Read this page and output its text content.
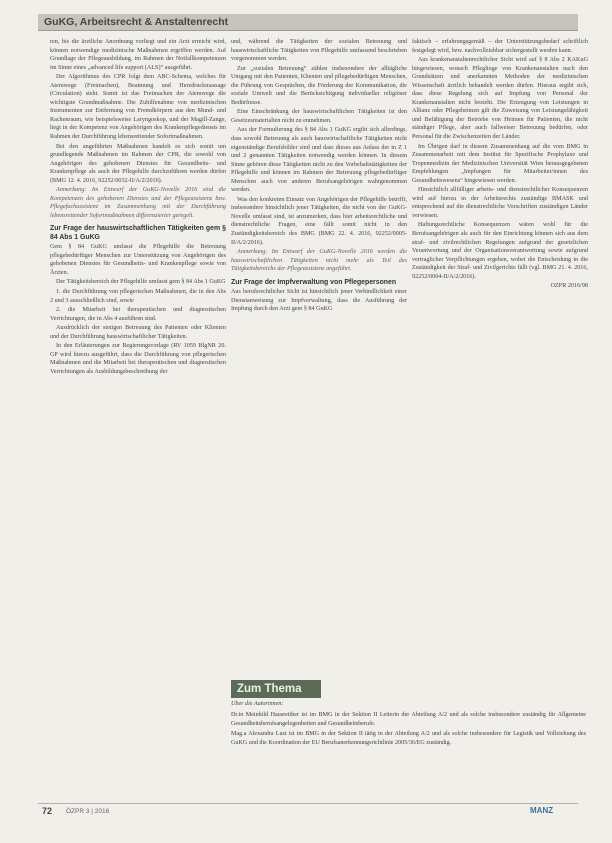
GuKG, Arbeitsrecht & Anstaltenrecht

ren, bis die ärztliche Anordnung vorliegt und ein Arzt erreicht wird, können notwendige medizinische Maßnahmen ergriffen werden. Auf Grundlage der Pflegeausbildung, im Rahmen der Notfallkompetenzen im Sinne eines „advanced life support (ALS)“ ausgeführt.

Der Algorithmus des CPR folgt dem ABC-Schema, welches für Atemwege (Freimachen), Beatmung und Herzdruckmassage (Circulation) steht. Somit ist das Freimachen der Atemwege die wichtigste Grundmaßnahme. Die Zuhilfenahme von medizinischen Instrumenten zur Entfernung von Fremdkörpern aus den Mund- und Rachenraum, wie beispielsweise Laryngoskop, und der Magill-Zange, liegt in der Kompetenz von Angehörigen des Krankenpflegediensts im Rahmen der Durchführung lebensrettender Sofortmaßnahmen.

Bei den angeführten Maßnahmen handelt es sich somit um grundlegende Maßnahmen im Rahmen der CPR, die sowohl von Angehörigen des gehobenen Dienstes für Gesundheits- und Krankenpflege als auch der Pflegehilfe durchzuführen werden dürfen (BMG 12. 4. 2016, 92252/0032-II/A/2/2016).

Anmerkung: Im Entwurf der GuKG-Novelle 2016 sind die Kompetenzen des gehobenen Dienstes und der Pflegeassistenz bzw. Pflegefachassistenz im Zusammenhang mit der Durchführung lebensrettender Sofortmaßnahmen differenzierter geregelt.

Zur Frage der hauswirtschaftlichen Tätigkeiten gem § 84 Abs 1 GuKG

Gem § 84 GuKG umfasst die Pflegehilfe die Betreuung pflegebedürftiger Menschen zur Unterstützung von Angehörigen des gehobenen Dienstes für Gesundheits- und Krankenpflege sowie von Ärzten.

Der Tätigkeitsbereich der Pflegehilfe umfasst gem § 84 Abs 1 GuKG

1. die Durchführung von pflegerischen Maßnahmen, die in den Abs 2 und 3 ausschließlich sind, sowie

2. die Mitarbeit bei therapeutischen und diagnostischen Verrichtungen, die in Abs 4 ausführen sind.

Ausdrücklich der stetigen Betreuung des Patienten oder Klienten und der Durchführung hauswirtschaftlicher Tätigkeiten.

In den Erläuterungen zur Regierungsvorlage (RV 1059 BlgNR 20. GP wird hierzu ausgeführt, dass die Durchführung von pflegerischen Maßnahmen und die Mitarbeit bei therapeutischen und diagnostischen Verrichtungen als Ausbildungsbeschreibung der

und, während die Tätigkeiten der sozialen Betreuung und hauswirtschaftliche Tätigkeiten von Pflegehilfe umfassend beschrieben vorgenommen werden.

Zur „sozialen Betreuung“ zählen insbesondere der alltägliche Umgang mit den Patienten, Klienten und pflegebedürftigen Menschen, die Führung von Gesprächen, die Förderung der Kommunikation, die soziale Umwelt und die Berücksichtigung individueller religiöser Bedürfnisse.

Eine Einschränkung der hauswirtschaftlichen Tätigkeiten ist den Gesetzesmaterialien nicht zu entnehmen.

Aus der Formulierung des § 84 Abs 1 GuKG ergibt sich allerdings, dass sowohl Betreuung als auch hauswirtschaftliche Tätigkeiten nicht eigenständige Berufsbilder sind und dass dieses aus Anlass der in Z 1 und 2 genannten Tätigkeiten notwendig werden können. In diesem Sinne gehören diese Tätigkeiten nicht zu den Vorbehaltstätigkeiten der Pflegehilfe und können im Rahmen der Betreuung pflegebedürftiger Menschen auch von anderen Berufsangehörigen wahrgenommen werden.

Was den konkreten Einsatz von Angehörigen der Pflegehilfe betrifft, insbesondere hinsichtlich jener Tätigkeiten, die nicht von der GuKG-Novelle umfasst sind, ist anzumerken, dass hier arbeitsrechtliche und dienstrechtliche Fragen, eine fällt somit nicht in den Zuständigkeitsbereich des BMG (BMG 22. 4. 2016, 92252/0005-II/A/2/2016).

Anmerkung: Im Entwurf der GuKG-Novelle 2016 werden die hauswirtschaftlichen Tätigkeiten nicht mehr als Teil des Tätigkeitsbereichs der Pflegeassistenz angeführt.

Zur Frage der Impfverwaltung von Pflegepersonen

Aus berufsrechtlicher Sicht ist hinsichtlich jener Verbindlichkeit einer Dienstanweisung zur Impfverwaltung, dass die Ausführung der Impfung durch den Arzt gem § 84 GuKG

faktisch – erfahrungsgemäß – der Unterstützungsbedarf schriftlich festgelegt wird, bzw. nachvollziehbar sichergestellt werden kann.

Aus krankenanstaltenrechtlicher Sicht wird auf § 8 Abs 2 KAKuG hingewiesen, wonach Pfleglinge von Krankenanstalten nach den Grundsätzen und anerkannten Methoden der medizinischen Wissenschaft ärztlich behandelt werden dürfen. Hieraus ergibt sich, dass diese Regelung sich auf Impfung von Personal der Krankenanstalten nicht bezieht. Die Erzeugung von Leistungen in Allianz oder Pflegeheimen gilt die Zuweisung von Leistungsfähigkeit und Befähigung der Betriebe von Heimen für Patienten, die nicht ständiger Pflege, aber auch fallweiser Betreuung bedürfen, oder Personal für die Zwischenzeiten der Länder.

Im Übrigen darf in diesem Zusammenhang auf die vom BMG in Zusammenarbeit mit dem Institut für Spezifische Prophylaxe und Tropenmedizin der Medizinischen Universität Wien herausgegebenen Empfehlungen „Impfungen für Mitarbeiter/innen des Gesundheitswesens“ hingewiesen werden.

Hinsichtlich allfälliger arbeits- und dienstrechtlicher Konsequenzen wird auf hierzu in der Arbeitsrechts zuständige BMASK und entsprechend auf die dienstrechtliche Vorschriften zuständigen Länder verwiesen.

Haftungsrechtliche Konsequenzen wären wohl für die Berufsangehörigen als auch für den Einrichtung können sich aus dem straf- und zivilrechtlichen Regelungen aufgrund der gesetzlichen Verantwortung und der Organisationsverantwortung sowie aufgrund vertraglicher Verpflichtungen ergeben, wobei die Entscheidung in die Zuständigkeit der Straf- und Zivilgerichte fällt (vgl. BMG 21. 4. 2016, 92252/0004-II/A/2/2016).

OZPR 2016/98

Zum Thema

Über die Autorinnen:

Dr.in Meinhild Hausreither ist im BMG in der Sektion II Leiterin der Abteilung A/2 und als solche insbesondere zuständig für Allgemeine Gesundheitsberufsangelegenheiten und Gesundheitsberufe.

Mag.a Alexandra Lust ist im BMG in der Sektion II tätig in der Abteilung A/2 und als solche insbesondere für Legistik und Vollziehung des GuKG und die Koordination der EU Berufsanerkennungsrichtlinie 2005/36/EG zuständig.

72 ÖZPR 3 | 2016	MANZ
